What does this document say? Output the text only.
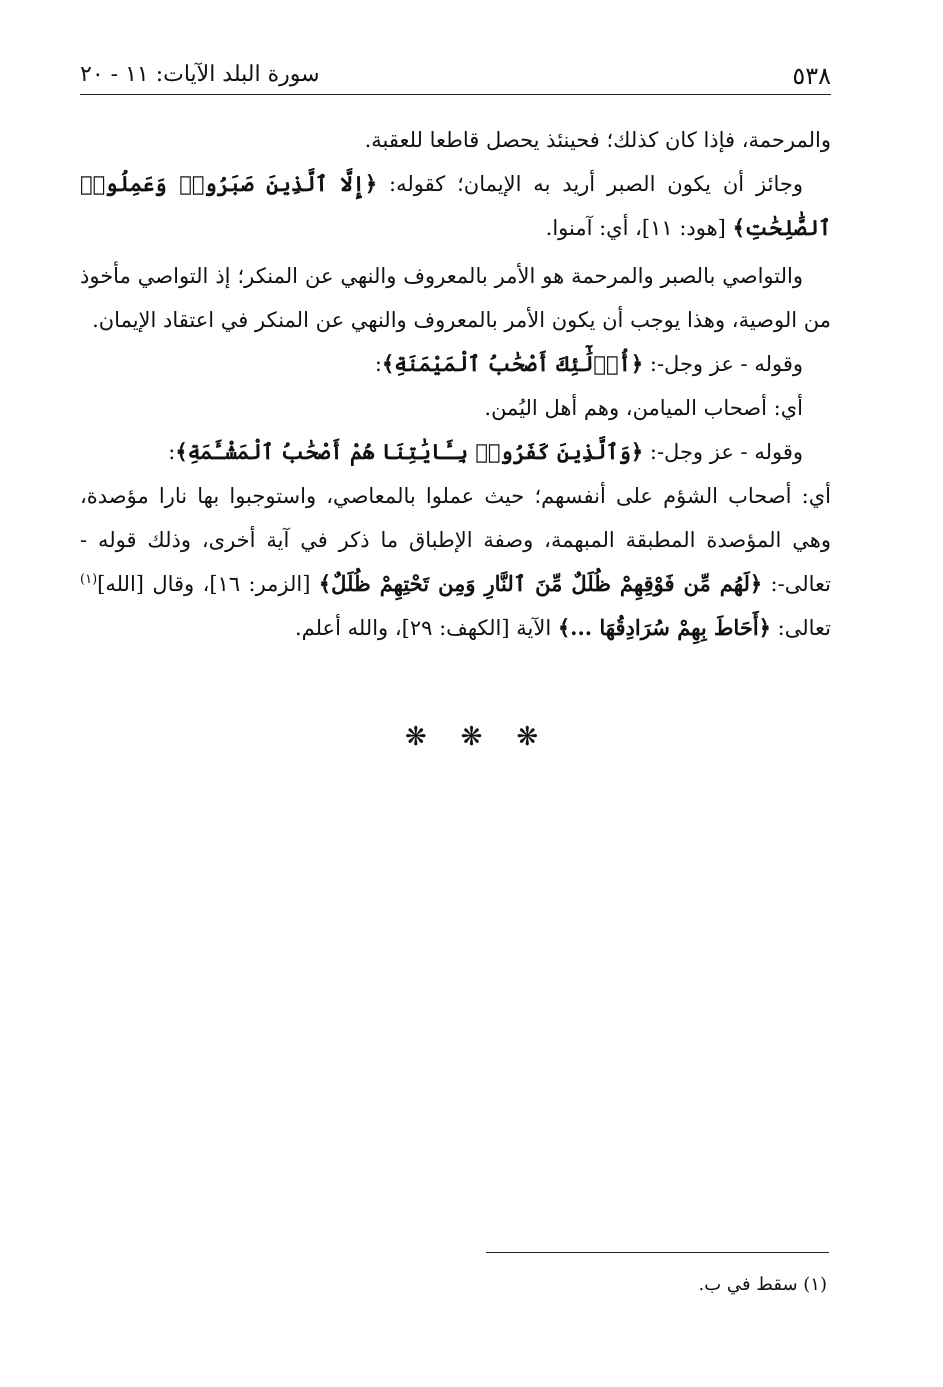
٥٣٨
سورة البلد الآيات: ١١ - ٢٠

والمرحمة، فإذا كان كذلك؛ فحينئذ يحصل قاطعا للعقبة.

وجائز أن يكون الصبر أريد به الإيمان؛ كقوله: ﴿إِلَّا ٱلَّذِينَ صَبَرُوا۟ وَعَمِلُوا۟ ٱلصَّٰلِحَٰتِ﴾ [هود: ١١]، أي: آمنوا.

والتواصي بالصبر والمرحمة هو الأمر بالمعروف والنهي عن المنكر؛ إذ التواصي مأخوذ من الوصية، وهذا يوجب أن يكون الأمر بالمعروف والنهي عن المنكر في اعتقاد الإيمان.

وقوله - عز وجل-: ﴿أُو۟لَٰٓئِكَ أَصْحَٰبُ ٱلْمَيْمَنَةِ﴾:

أي: أصحاب الميامن، وهم أهل اليُمن.

وقوله - عز وجل-: ﴿وَٱلَّذِينَ كَفَرُوا۟ بِـَٔايَٰتِنَا هُمْ أَصْحَٰبُ ٱلْمَشْـَٔمَةِ﴾:

أي: أصحاب الشؤم على أنفسهم؛ حيث عملوا بالمعاصي، واستوجبوا بها نارا مؤصدة، وهي المؤصدة المطبقة المبهمة، وصفة الإطباق ما ذكر في آية أخرى، وذلك قوله - تعالى-: ﴿لَهُم مِّن فَوْقِهِمْ ظُلَلٌ مِّنَ ٱلنَّارِ وَمِن تَحْتِهِمْ ظُلَلٌ﴾ [الزمر: ١٦]، وقال [الله]$^{(١)}$ تعالى: ﴿أَحَاطَ بِهِمْ سُرَادِقُهَا ...﴾ الآية [الكهف: ٢٩]، والله أعلم.

❋❋❋
(١) سقط في ب.
